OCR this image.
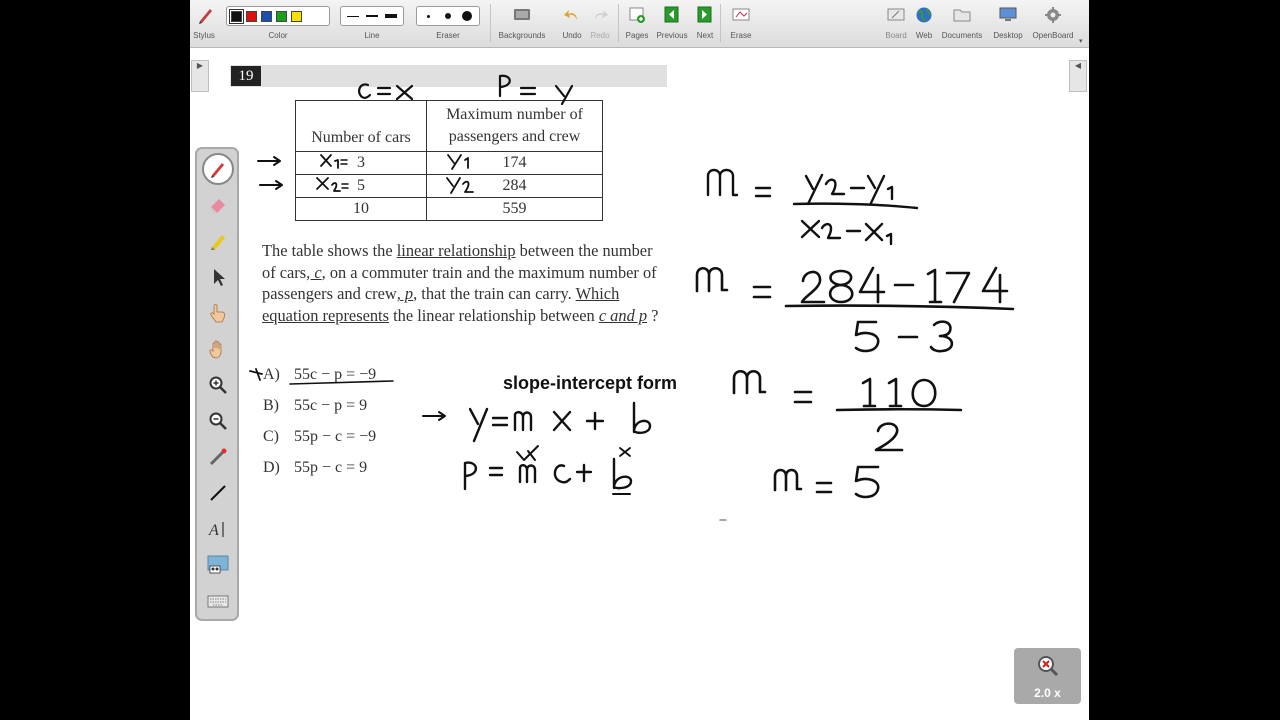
Stylus	Color	Line	Eraser	Backgrounds Undo Redo Pages Previous Next Erase	Board Web Documents Desktop OpenBoard
▾
▶	◀
19
A
Number of cars	Maximum number of
passengers and crew
3	174
5	284
10	559
The table shows the linear relationship between the number of cars, c, on a commuter train and the maximum number of passengers and crew, p, that the train can carry. Which equation represents the linear relationship between c and p ?
A) 55c − p = −9
B) 55c − p = 9
C) 55p − c = −9
D) 55p − c = 9
slope-intercept form
2.0 x
